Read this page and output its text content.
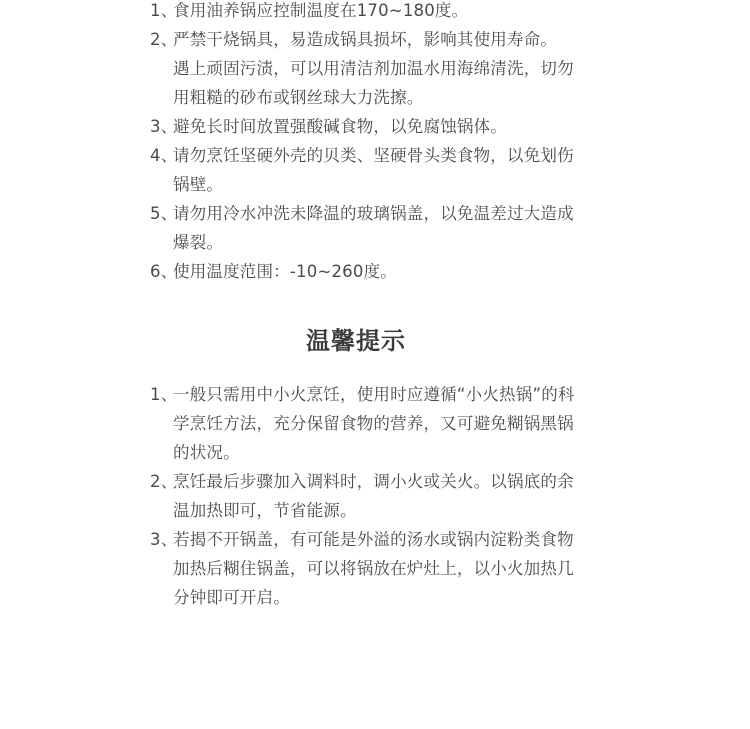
1、
食用油养锅应控制温度在170~180度。
2、
严禁干烧锅具，易造成锅具损坏，影响其使用寿命。
遇上顽固污渍，可以用清洁剂加温水用海绵清洗，切勿
用粗糙的砂布或钢丝球大力洗擦。
3、
避免长时间放置强酸碱食物，以免腐蚀锅体。
4、
请勿烹饪坚硬外壳的贝类、坚硬骨头类食物，以免划伤
锅壁。
5、
请勿用冷水冲洗未降温的玻璃锅盖，以免温差过大造成
爆裂。
6、
使用温度范围：-10~260度。
温馨提示
1、
一般只需用中小火烹饪，使用时应遵循“小火热锅”的科
学烹饪方法，充分保留食物的营养，又可避免糊锅黑锅
的状况。
2、
烹饪最后步骤加入调料时，调小火或关火。以锅底的余
温加热即可，节省能源。
3、
若揭不开锅盖，有可能是外溢的汤水或锅内淀粉类食物
加热后糊住锅盖，可以将锅放在炉灶上，以小火加热几
分钟即可开启。
